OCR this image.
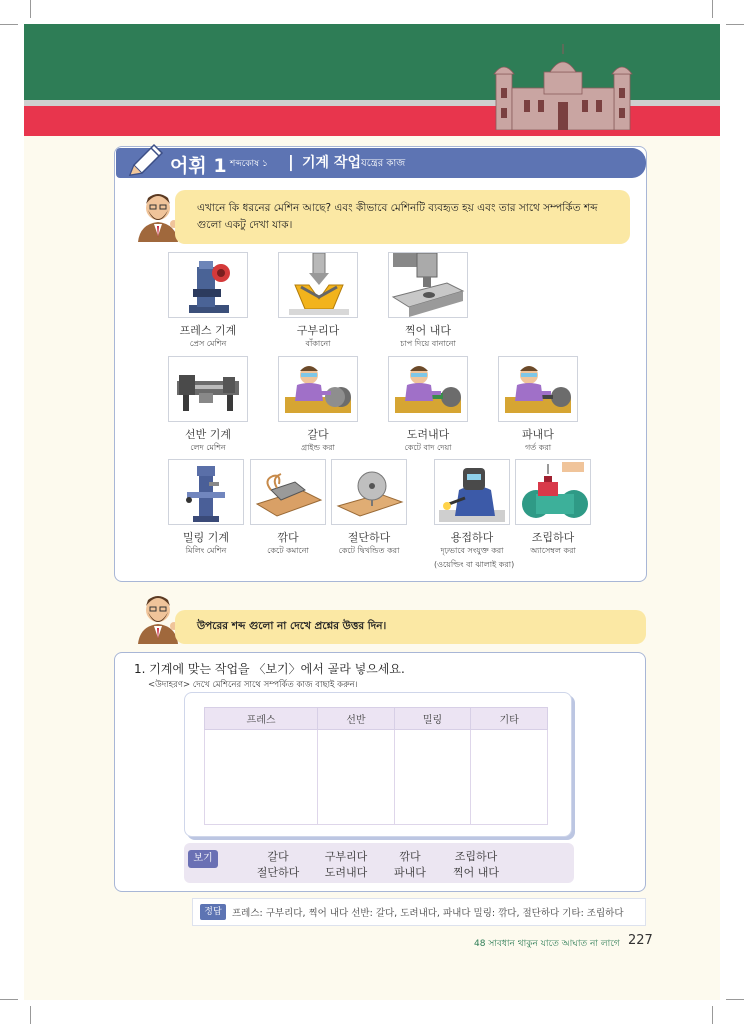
어휘 1 শব্দকোষ ১ | 기계 작업 যন্ত্রের কাজ
এখানে কি ধরনের মেশিন আছে? এবং কীভাবে মেশিনটি ব্যবহৃত হয় এবং তার সাথে সম্পর্কিত শব্দ গুলো একটু দেখা যাক।
프레스 기계
প্রেস মেশিন
구부리다
বাঁকানো
찍어 내다
চাপ দিয়ে বানানো
선반 기계
লেদ মেশিন
갈다
গ্রাইন্ড করা
도려내다
কেটে বাদ দেয়া
파내다
গর্ত করা
밀링 기계
মিলিং মেশিন
깎다
কেটে কমানো
절단하다
কেটে দ্বিখন্ডিত করা
용접하다
দৃঢ়ভাবে সংযুক্ত করা
(ওয়েল্ডিং বা ঝালাই করা)
조립하다
অ্যাসেম্বল করা
উপরের শব্দ গুলো না দেখে প্রশ্নের উত্তর দিন।
1. 기계에 맞는 작업을 〈보기〉에서 골라 넣으세요.
<উদাহরণ> দেখে মেশিনের সাথে সম্পর্কিত কাজ বাছাই করুন।
프레스	선반	밀링	기타

보기	갈다	구부리다	깎다	조립하다
절단하다	도려내다	파내다	찍어 내다
정답	프레스: 구부리다, 찍어 내다 선반: 갈다, 도려내다, 파내다 밀링: 깎다, 절단하다 기타: 조립하다
48 সাবধান থাকুন যাতে আঘাত না লাগে 227
